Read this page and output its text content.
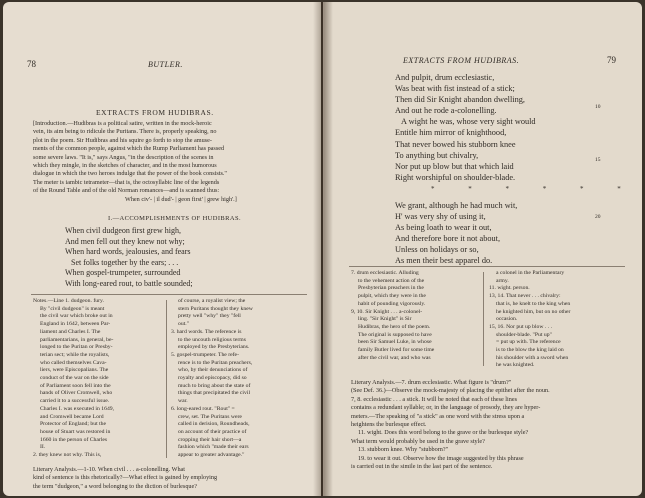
78	BUTLER.
EXTRACTS FROM HUDIBRAS.
[Introduction.—Hudibras is a political satire, written in the mock-heroic
vein, its aim being to ridicule the Puritans. There is, properly speaking, no
plot in the poem. Sir Hudibras and his squire go forth to stop the amuse-
ments of the common people, against which the Rump Parliament has passed
some severe laws. "It is," says Angus, "in the description of the scenes in
which they mingle, in the sketches of character, and in the most humorous
dialogue in which the two heroes indulge that the power of the book consists."
The meter is iambic tetrameter—that is, the octosyllabic line of the legends
of the Round Table and of the old Norman romances—and is scanned thus:
When civ'- | il dud'- | geon first' | grew high'.]
I.—ACCOMPLISHMENTS OF HUDIBRAS.
When civil dudgeon first grew high,
And men fell out they knew not why;
When hard words, jealousies, and fears
Set folks together by the ears; . . .
When gospel-trumpeter, surrounded
With long-eared rout, to battle sounded;
Notes.—Line 1. dudgeon. fury.
By "civil dudgeon" is meant
the civil war which broke out in
England in 1642, between Par-
liament and Charles I. The
parliamentarians, in general, be-
longed to the Puritan or Presby-
terian sect; while the royalists,
who called themselves Cava-
liers, were Episcopalians. The
conduct of the war on the side
of Parliament soon fell into the
hands of Oliver Cromwell, who
carried it to a successful issue.
Charles I. was executed in 1649,
and Cromwell became Lord
Protector of England; but the
house of Stuart was restored in
1660 in the person of Charles
II.
2. they knew not why. This is,
of course, a royalist view; the
stern Puritans thought they knew
pretty well "why" they "fell
out."
3. hard words. The reference is
to the uncouth religious terms
employed by the Presbyterians.
5. gospel-trumpeter. The refe-
rence is to the Puritan preachers,
who, by their denunciations of
royalty and episcopacy, did so
much to bring about the state of
things that precipitated the civil
war.
6. long-eared rout. "Rout" =
crew, set. The Puritans were
called in derision, Roundheads,
on account of their practice of
cropping their hair short—a
fashion which "made their ears
appear to greater advantage."
Literary Analysis.—1-10. When civil . . . a-colonelling. What
kind of sentence is this rhetorically?—What effect is gained by employing
the term "dudgeon," a word belonging to the diction of burlesque?
EXTRACTS FROM HUDIBRAS.	79
And pulpit, drum ecclesiastic,
Was beat with fist instead of a stick;
Then did Sir Knight abandon dwelling,
And out he rode a-colonelling.
A wight he was, whose very sight would
Entitle him mirror of knighthood,
That never bowed his stubborn knee
To anything but chivalry,
Nor put up blow but that which laid
Right worshipful on shoulder-blade.
10
15
* * * * * *
We grant, although he had much wit,
H' was very shy of using it,
As being loath to wear it out,
And therefore bore it not about,
Unless on holidays or so,
As men their best apparel do.
20
7. drum ecclesiastic. Alluding
to the vehement action of the
Presbyterian preachers in the
pulpit, which they were in the
habit of pounding vigorously.
9, 10. Sir Knight . . . a-colonel-
ling. "Sir Knight" is Sir
Hudibras, the hero of the poem.
The original is supposed to have
been Sir Samuel Luke, in whose
family Butler lived for some time
after the civil war, and who was
a colonel in the Parliamentary
army.
11. wight. person.
13, 14. That never . . . chivalry:
that is, he knelt to the king when
he knighted him, but on no other
occasion.
15, 16. Nor put up blow . . .
shoulder-blade. "Put up"
= put up with. The reference
is to the blow the king laid on
his shoulder with a sword when
he was knighted.
Literary Analysis.—7. drum ecclesiastic. What figure is "drum?"
(See Def. 36.)—Observe the mock-majesty of placing the epithet after the noun.
7, 8. ecclesiastic . . . a stick. It will be noted that each of these lines
contains a redundant syllable; or, in the language of prosody, they are hyper-
meters.—The speaking of "a stick" as one word with the stress upon a
heightens the burlesque effect.
11. wight. Does this word belong to the grave or the burlesque style?
What term would probably be used in the grave style?
13. stubborn knee. Why "stubborn?"
19. to wear it out. Observe how the image suggested by this phrase
is carried out in the simile in the last part of the sentence.
